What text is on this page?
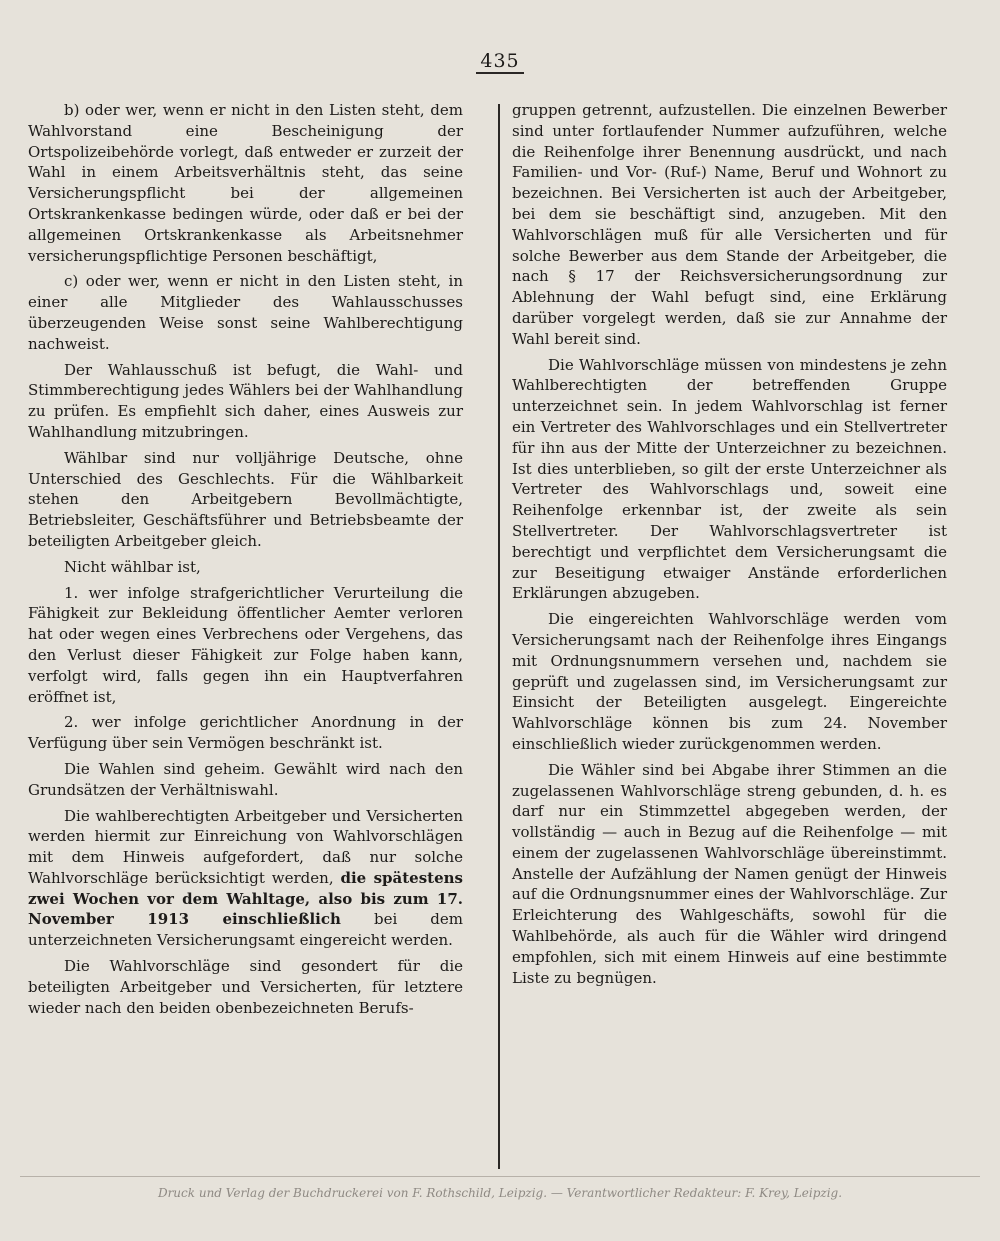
435

b) oder wer, wenn er nicht in den Listen steht, dem Wahlvorstand eine Bescheinigung der Ortspolizeibehörde vorlegt, daß entweder er zurzeit der Wahl in einem Arbeitsverhältnis steht, das seine Versicherungspflicht bei der allgemeinen Ortskrankenkasse bedingen würde, oder daß er bei der allgemeinen Ortskrankenkasse als Arbeitsnehmer versicherungspflichtige Personen beschäftigt,

c) oder wer, wenn er nicht in den Listen steht, in einer alle Mitglieder des Wahlausschusses überzeugenden Weise sonst seine Wahlberechtigung nachweist.

Der Wahlausschuß ist befugt, die Wahl- und Stimmberechtigung jedes Wählers bei der Wahlhandlung zu prüfen. Es empfiehlt sich daher, eines Ausweis zur Wahlhandlung mitzubringen.

Wählbar sind nur volljährige Deutsche, ohne Unterschied des Geschlechts. Für die Wählbarkeit stehen den Arbeitgebern Bevollmächtigte, Betriebsleiter, Geschäftsführer und Betriebsbeamte der beteiligten Arbeitgeber gleich.

Nicht wählbar ist,

1. wer infolge strafgerichtlicher Verurteilung die Fähigkeit zur Bekleidung öffentlicher Aemter verloren hat oder wegen eines Verbrechens oder Vergehens, das den Verlust dieser Fähigkeit zur Folge haben kann, verfolgt wird, falls gegen ihn ein Hauptverfahren eröffnet ist,

2. wer infolge gerichtlicher Anordnung in der Verfügung über sein Vermögen beschränkt ist.

Die Wahlen sind geheim. Gewählt wird nach den Grundsätzen der Verhältniswahl.

Die wahlberechtigten Arbeitgeber und Versicherten werden hiermit zur Einreichung von Wahlvorschlägen mit dem Hinweis aufgefordert, daß nur solche Wahlvorschläge berücksichtigt werden, die spätestens zwei Wochen vor dem Wahltage, also bis zum 17. November 1913 einschließlich bei dem unterzeichneten Versicherungsamt eingereicht werden.

Die Wahlvorschläge sind gesondert für die beteiligten Arbeitgeber und Versicherten, für letztere wieder nach den beiden obenbezeichneten Berufs-

gruppen getrennt, aufzustellen. Die einzelnen Bewerber sind unter fortlaufender Nummer aufzuführen, welche die Reihenfolge ihrer Benennung ausdrückt, und nach Familien- und Vor- (Ruf-) Name, Beruf und Wohnort zu bezeichnen. Bei Versicherten ist auch der Arbeitgeber, bei dem sie beschäftigt sind, anzugeben. Mit den Wahlvorschlägen muß für alle Versicherten und für solche Bewerber aus dem Stande der Arbeitgeber, die nach § 17 der Reichsversicherungsordnung zur Ablehnung der Wahl befugt sind, eine Erklärung darüber vorgelegt werden, daß sie zur Annahme der Wahl bereit sind.

Die Wahlvorschläge müssen von mindestens je zehn Wahlberechtigten der betreffenden Gruppe unterzeichnet sein. In jedem Wahlvorschlag ist ferner ein Vertreter des Wahlvorschlages und ein Stellvertreter für ihn aus der Mitte der Unterzeichner zu bezeichnen. Ist dies unterblieben, so gilt der erste Unterzeichner als Vertreter des Wahlvorschlags und, soweit eine Reihenfolge erkennbar ist, der zweite als sein Stellvertreter. Der Wahlvorschlagsvertreter ist berechtigt und verpflichtet dem Versicherungsamt die zur Beseitigung etwaiger Anstände erforderlichen Erklärungen abzugeben.

Die eingereichten Wahlvorschläge werden vom Versicherungsamt nach der Reihenfolge ihres Eingangs mit Ordnungsnummern versehen und, nachdem sie geprüft und zugelassen sind, im Versicherungsamt zur Einsicht der Beteiligten ausgelegt. Eingereichte Wahlvorschläge können bis zum 24. November einschließlich wieder zurückgenommen werden.

Die Wähler sind bei Abgabe ihrer Stimmen an die zugelassenen Wahlvorschläge streng gebunden, d. h. es darf nur ein Stimmzettel abgegeben werden, der vollständig — auch in Bezug auf die Reihenfolge — mit einem der zugelassenen Wahlvorschläge übereinstimmt. Anstelle der Aufzählung der Namen genügt der Hinweis auf die Ordnungsnummer eines der Wahlvorschläge. Zur Erleichterung des Wahlgeschäfts, sowohl für die Wahlbehörde, als auch für die Wähler wird dringend empfohlen, sich mit einem Hinweis auf eine bestimmte Liste zu begnügen.

Druck und Verlag der Buchdruckerei von F. Rothschild, Leipzig. — Verantwortlicher Redakteur: F. Krey, Leipzig.
